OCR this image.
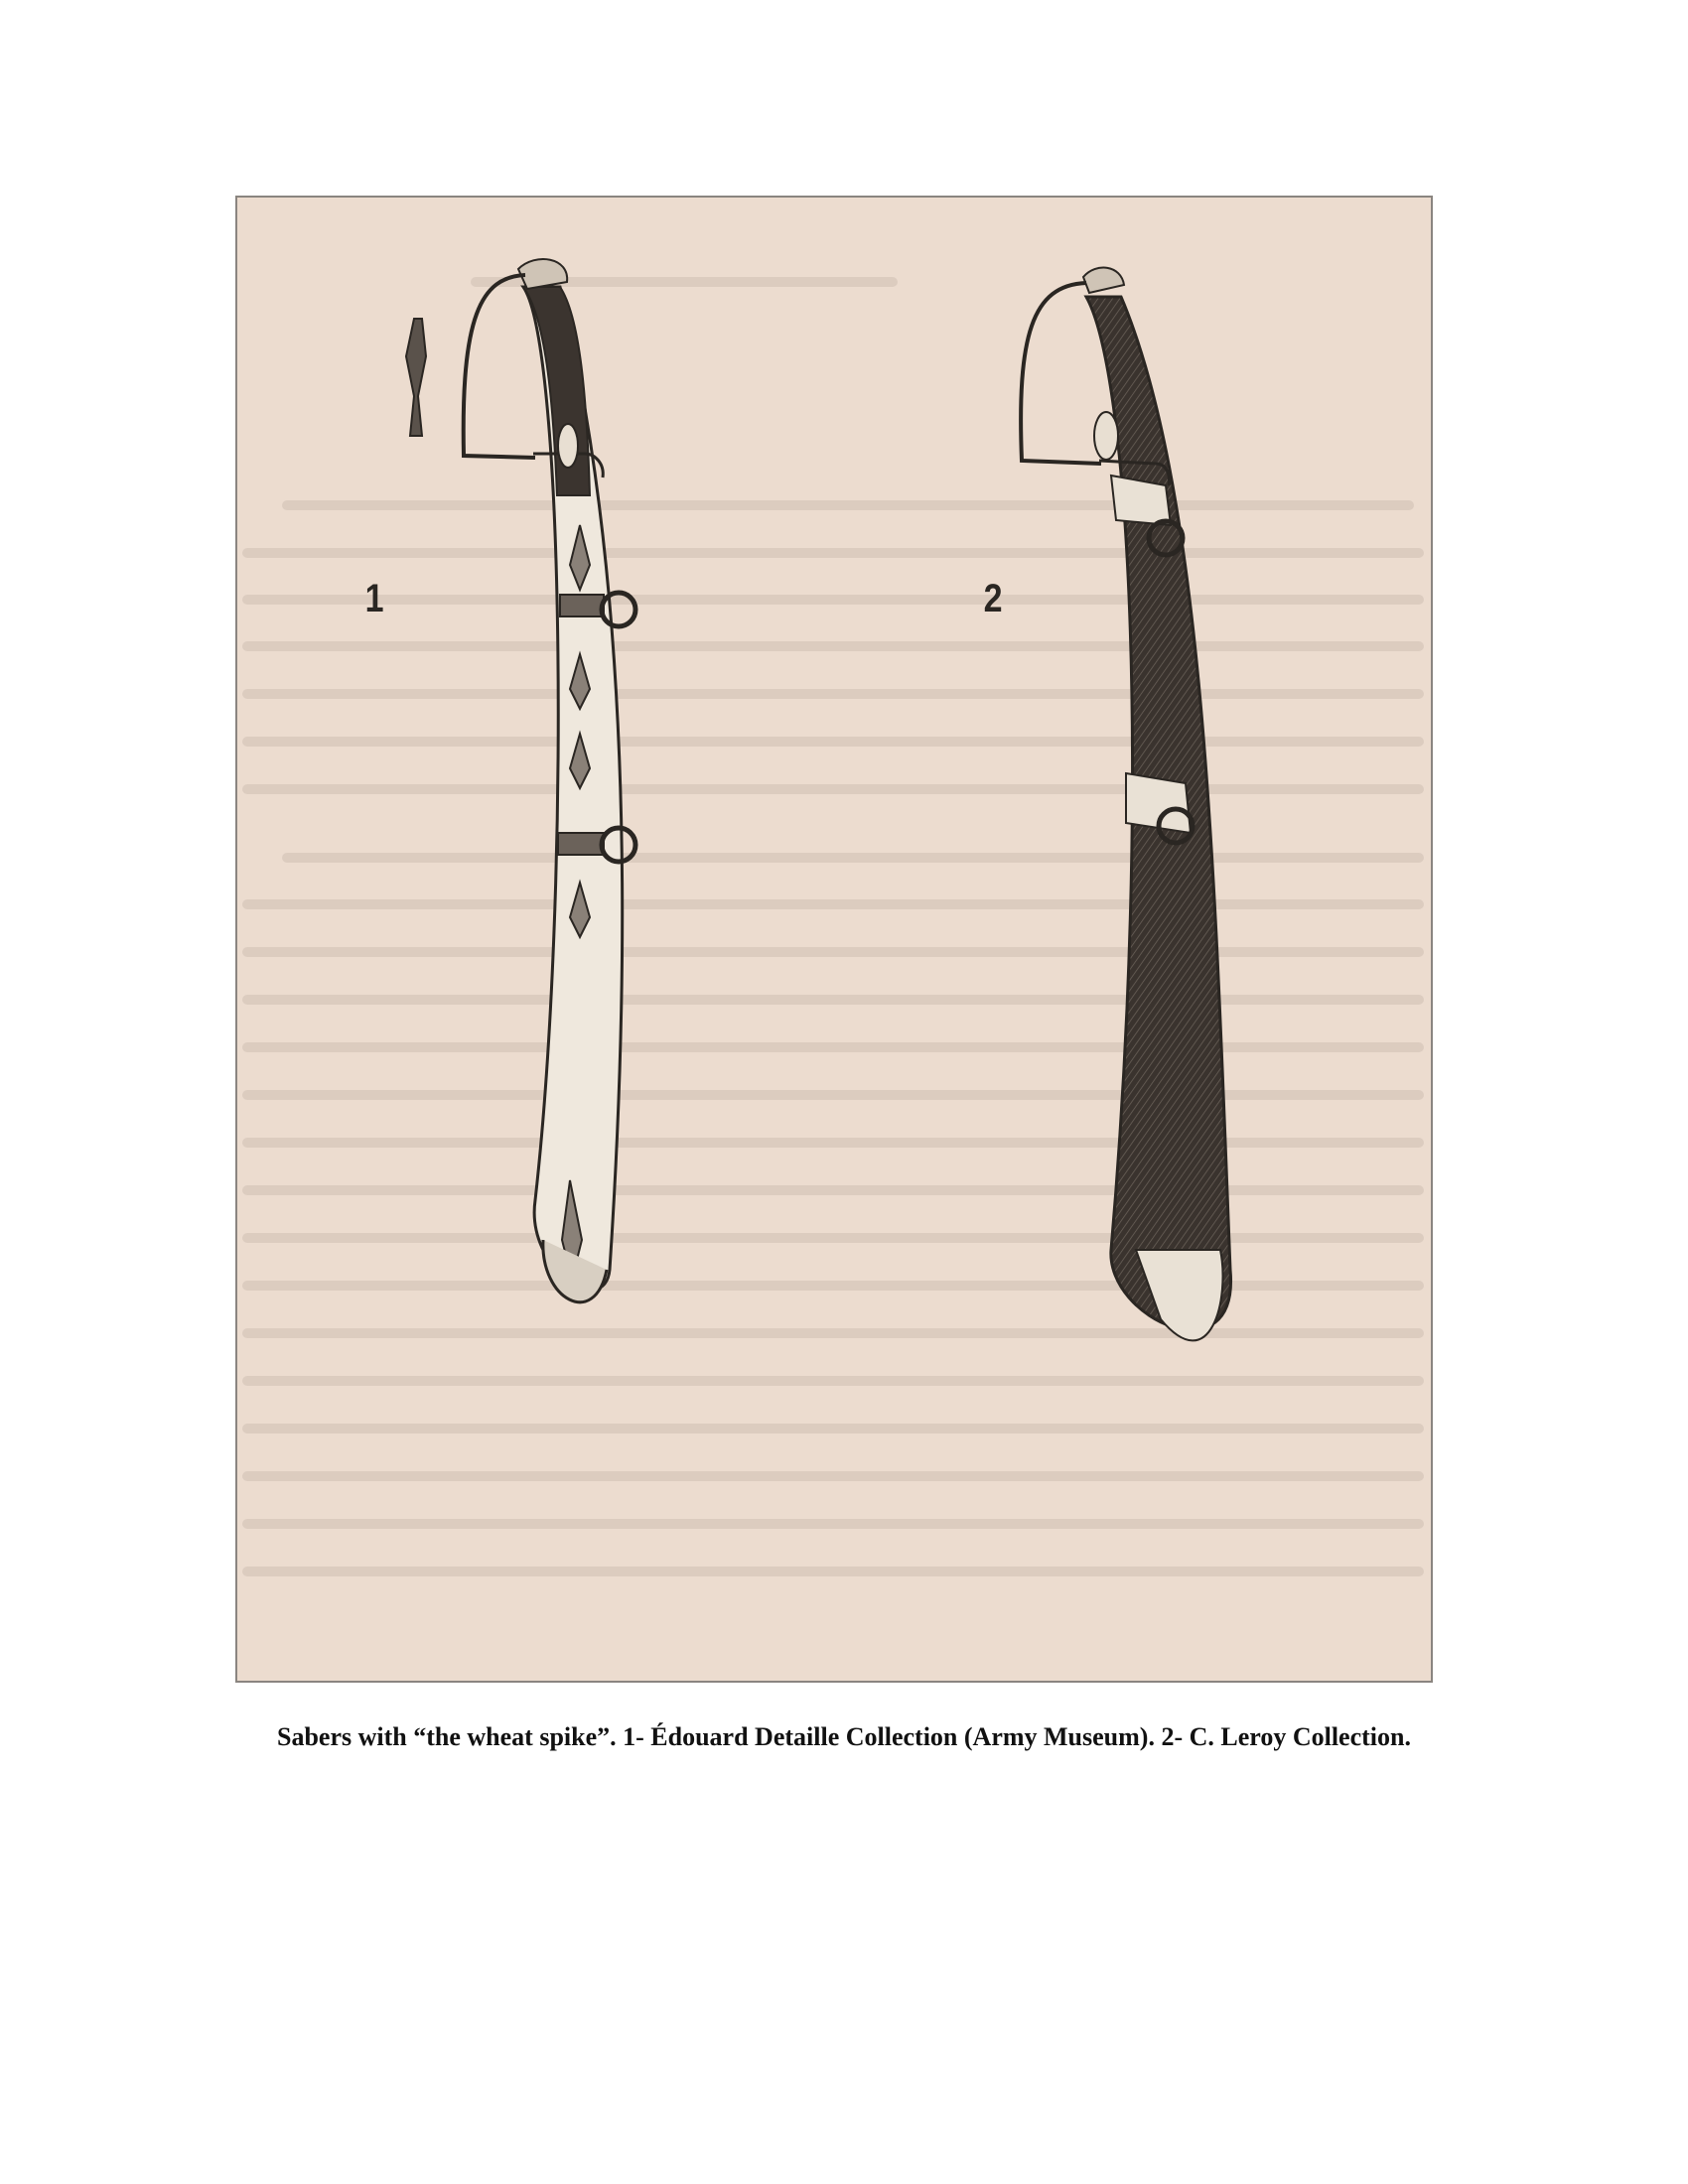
1	2
Sabers with “the wheat spike”. 1- Édouard Detaille Collection (Army Museum). 2- C. Leroy Collection.
